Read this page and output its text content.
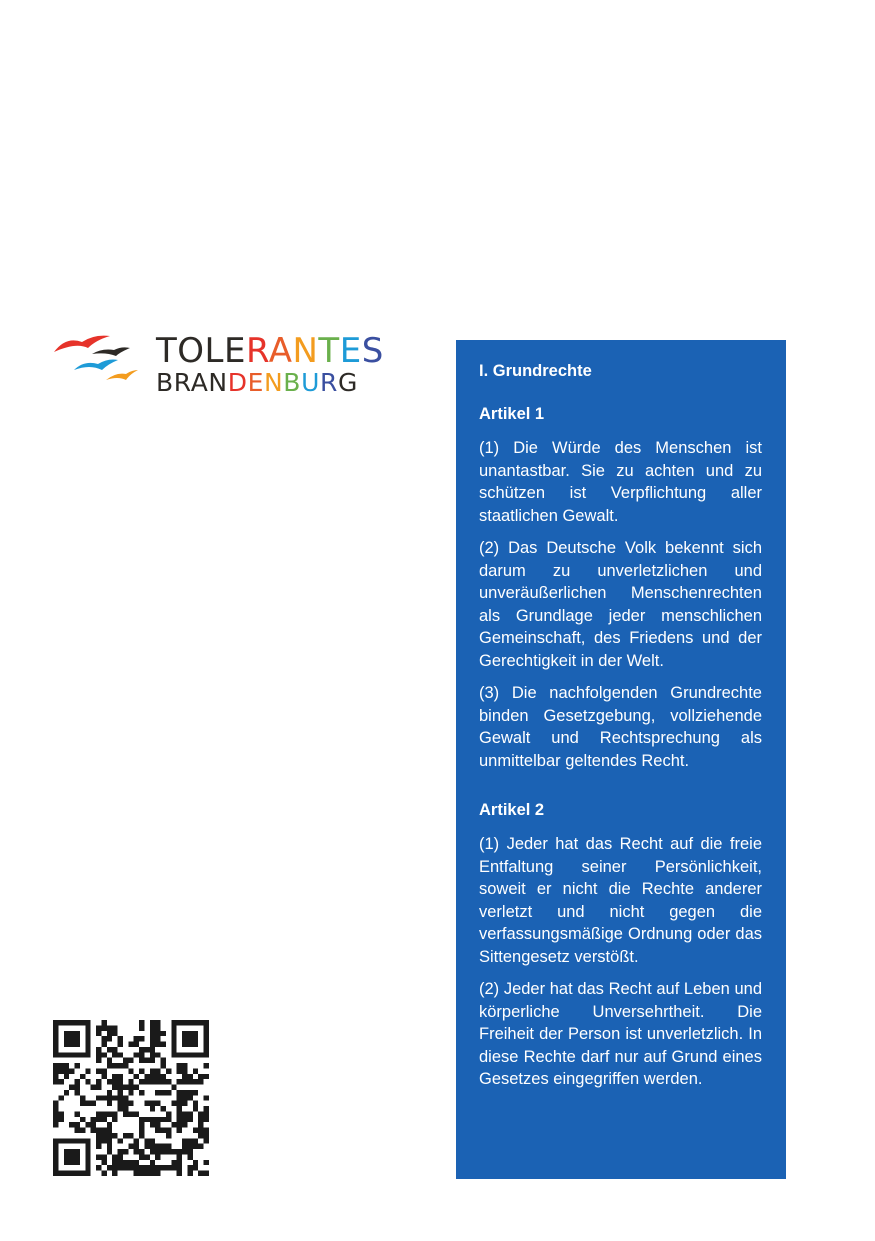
TOLERANTES
BRANDENBURG	I. Grundrechte
Artikel 1

(1) Die Würde des Menschen ist unantastbar. Sie zu achten und zu schützen ist Verpflichtung aller staatlichen Gewalt.

(2) Das Deutsche Volk bekennt sich darum zu unverletzlichen und unveräußerlichen Menschenrechten als Grundlage jeder menschlichen Gemeinschaft, des Friedens und der Gerechtigkeit in der Welt.

(3) Die nachfolgenden Grundrechte binden Gesetzgebung, vollziehende Gewalt und Rechtsprechung als unmittelbar geltendes Recht.

Artikel 2

(1) Jeder hat das Recht auf die freie Entfaltung seiner Persönlichkeit, soweit er nicht die Rechte anderer verletzt und nicht gegen die verfassungsmäßige Ordnung oder das Sittengesetz verstößt.

(2) Jeder hat das Recht auf Leben und körperliche Unversehrtheit. Die Freiheit der Person ist unverletzlich. In diese Rechte darf nur auf Grund eines Gesetzes eingegriffen werden.
